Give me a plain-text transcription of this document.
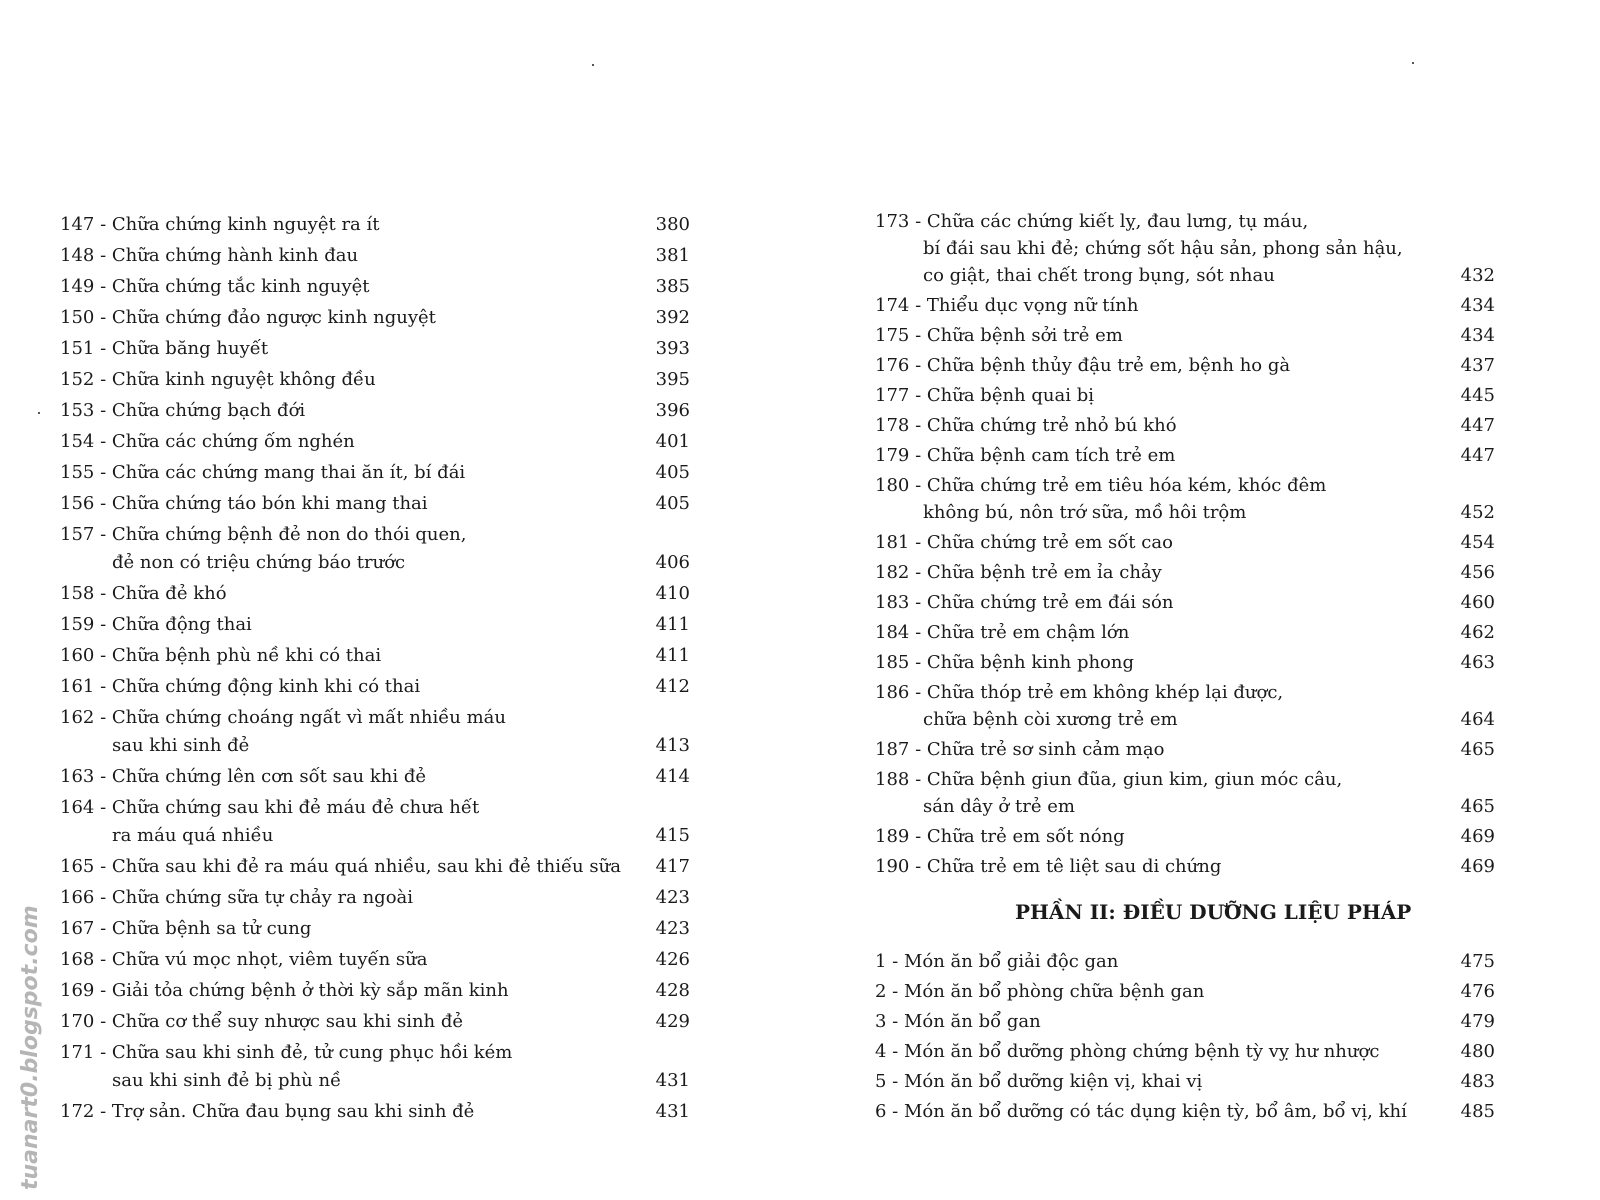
147 - Chữa chứng kinh nguyệt ra ít	380
148 - Chữa chứng hành kinh đau	381
149 - Chữa chứng tắc kinh nguyệt	385
150 - Chữa chứng đảo ngược kinh nguyệt	392
151 - Chữa băng huyết	393
152 - Chữa kinh nguyệt không đều	395
153 - Chữa chứng bạch đới	396
154 - Chữa các chứng ốm nghén	401
155 - Chữa các chứng mang thai ăn ít, bí đái	405
156 - Chữa chứng táo bón khi mang thai	405
157 - Chữa chứng bệnh đẻ non do thói quen,
đẻ non có triệu chứng báo trước	406
158 - Chữa đẻ khó	410
159 - Chữa động thai	411
160 - Chữa bệnh phù nề khi có thai	411
161 - Chữa chứng động kinh khi có thai	412
162 - Chữa chứng choáng ngất vì mất nhiều máu
sau khi sinh đẻ	413
163 - Chữa chứng lên cơn sốt sau khi đẻ	414
164 - Chữa chứng sau khi đẻ máu đẻ chưa hết
ra máu quá nhiều	415
165 - Chữa sau khi đẻ ra máu quá nhiều, sau khi đẻ thiếu sữa 417
166 - Chữa chứng sữa tự chảy ra ngoài	423
167 - Chữa bệnh sa tử cung	423
168 - Chữa vú mọc nhọt, viêm tuyến sữa	426
169 - Giải tỏa chứng bệnh ở thời kỳ sắp mãn kinh	428
170 - Chữa cơ thể suy nhược sau khi sinh đẻ	429
171 - Chữa sau khi sinh đẻ, tử cung phục hồi kém
sau khi sinh đẻ bị phù nề	431
172 - Trợ sản. Chữa đau bụng sau khi sinh đẻ	431
PHẦN II: ĐIỀU DƯỠNG LIỆU PHÁP
173 - Chữa các chứng kiết lỵ, đau lưng, tụ máu,
bí đái sau khi đẻ; chứng sốt hậu sản, phong sản hậu,
co giật, thai chết trong bụng, sót nhau	432
174 - Thiểu dục vọng nữ tính	434
175 - Chữa bệnh sởi trẻ em	434
176 - Chữa bệnh thủy đậu trẻ em, bệnh ho gà	437
177 - Chữa bệnh quai bị	445
178 - Chữa chứng trẻ nhỏ bú khó	447
179 - Chữa bệnh cam tích trẻ em	447
180 - Chữa chứng trẻ em tiêu hóa kém, khóc đêm
không bú, nôn trớ sữa, mồ hôi trộm	452
181 - Chữa chứng trẻ em sốt cao	454
182 - Chữa bệnh trẻ em ỉa chảy	456
183 - Chữa chứng trẻ em đái són	460
184 - Chữa trẻ em chậm lớn	462
185 - Chữa bệnh kinh phong	463
186 - Chữa thóp trẻ em không khép lại được,
chữa bệnh còi xương trẻ em	464
187 - Chữa trẻ sơ sinh cảm mạo	465
188 - Chữa bệnh giun đũa, giun kim, giun móc câu,
sán dây ở trẻ em	465
189 - Chữa trẻ em sốt nóng	469
190 - Chữa trẻ em tê liệt sau di chứng	469
1 - Món ăn bổ giải độc gan	475
2 - Món ăn bổ phòng chữa bệnh gan	476
3 - Món ăn bổ gan	479
4 - Món ăn bổ dưỡng phòng chứng bệnh tỳ vỵ hư nhược	480
5 - Món ăn bổ dưỡng kiện vị, khai vị	483
6 - Món ăn bổ dưỡng có tác dụng kiện tỳ, bổ âm, bổ vị, khí	485
tuanart0.blogspot.com
